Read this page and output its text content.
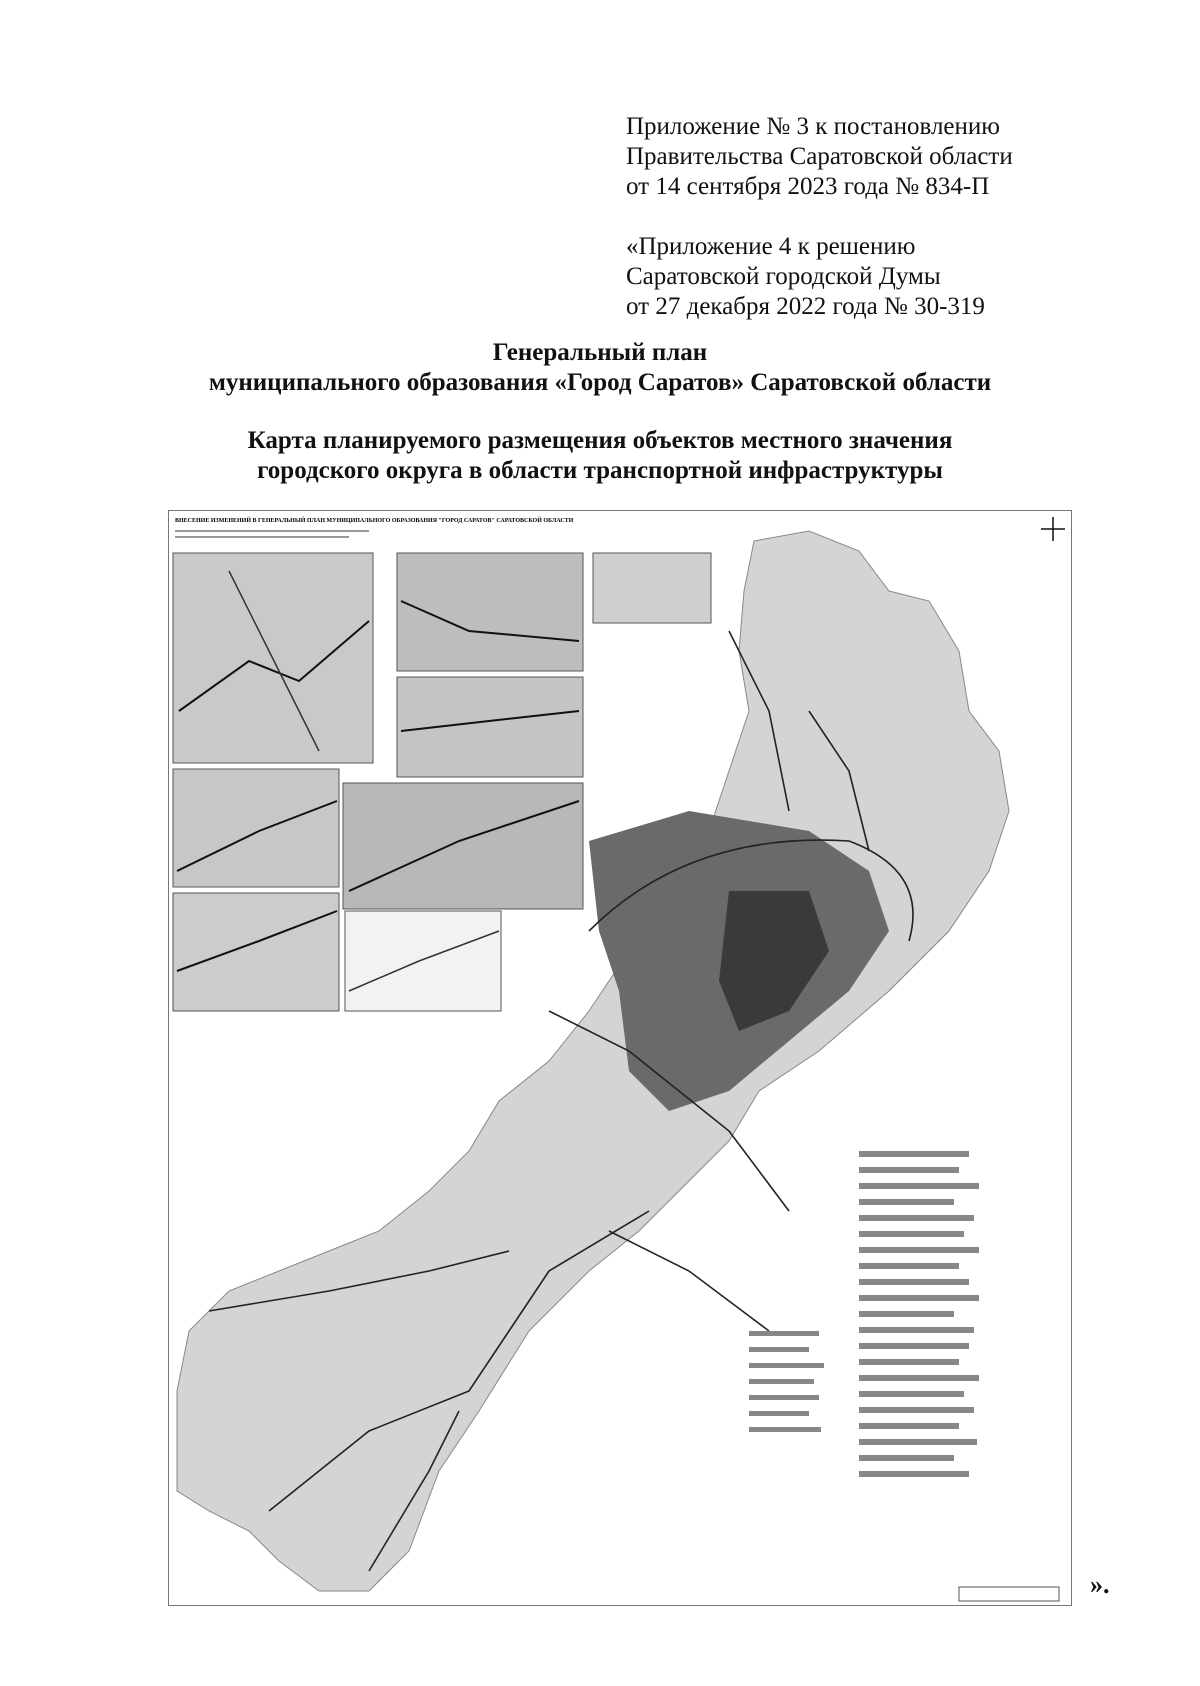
Приложение № 3 к постановлению
Правительства Саратовской области
от 14 сентября 2023 года № 834-П
«Приложение 4 к решению
Саратовской городской Думы
от 27 декабря 2022 года № 30-319
Генеральный план
муниципального образования «Город Саратов» Саратовской области
Карта планируемого размещения объектов местного значения
городского округа в области транспортной инфраструктуры
ВНЕСЕНИЕ ИЗМЕНЕНИЙ В ГЕНЕРАЛЬНЫЙ ПЛАН МУНИЦИПАЛЬНОГО ОБРАЗОВАНИЯ "ГОРОД САРАТОВ" САРАТОВСКОЙ ОБЛАСТИ
».
